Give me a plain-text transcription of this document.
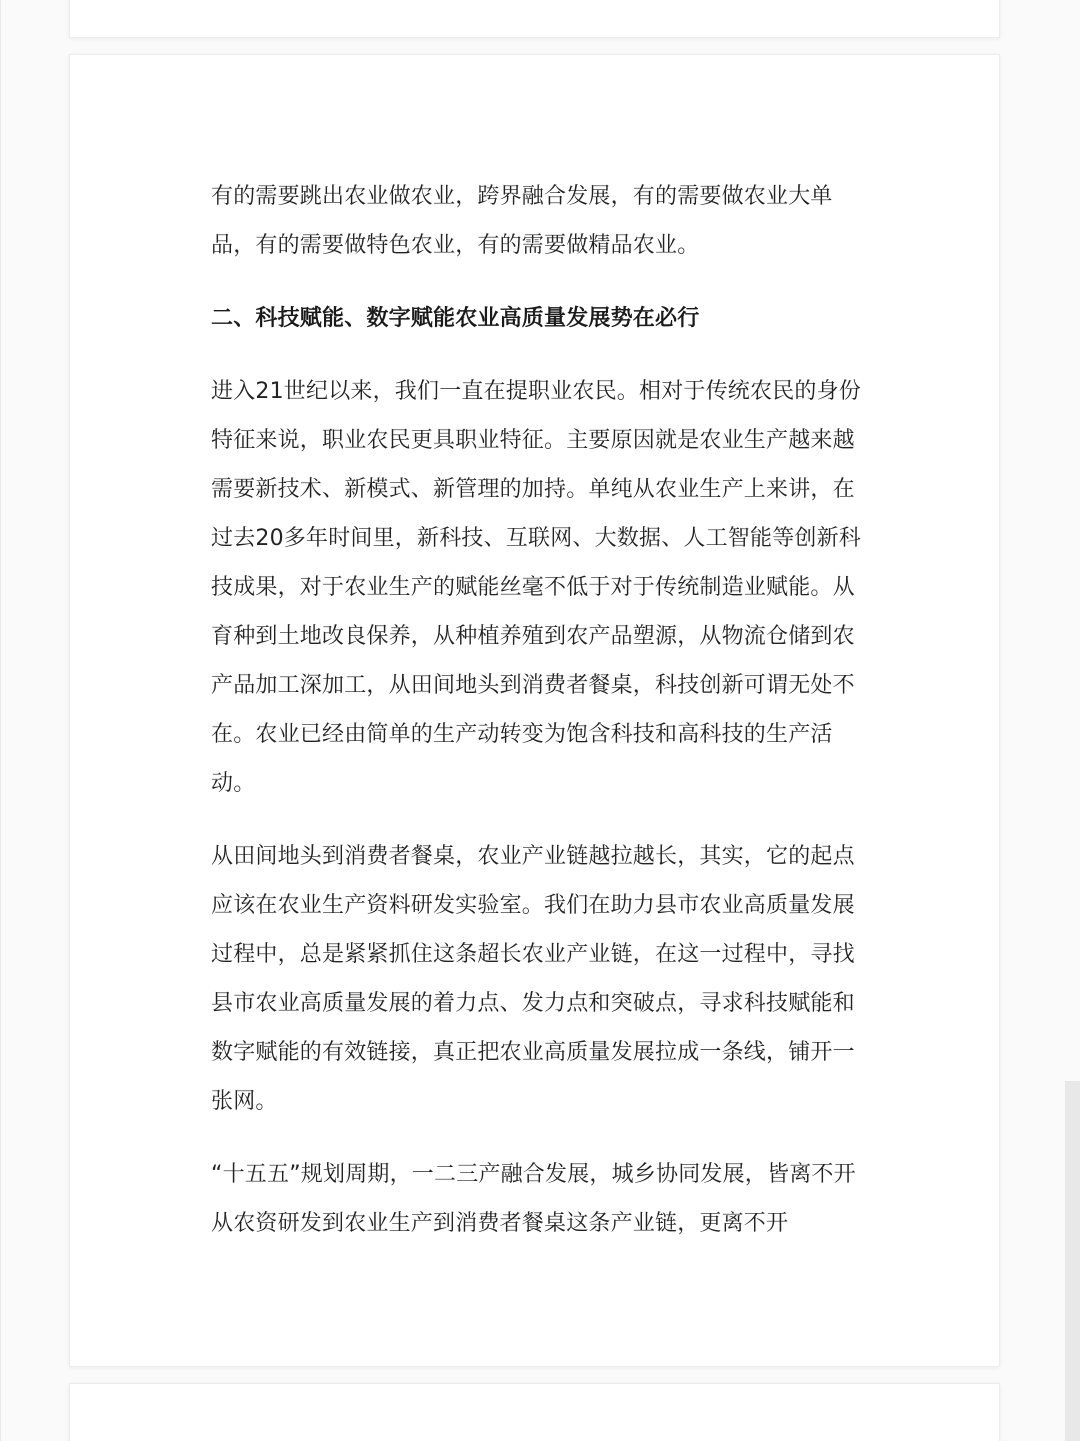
有的需要跳出农业做农业，跨界融合发展，有的需要做农业大单品，有的需要做特色农业，有的需要做精品农业。

二、科技赋能、数字赋能农业高质量发展势在必行

进入21世纪以来，我们一直在提职业农民。相对于传统农民的身份特征来说，职业农民更具职业特征。主要原因就是农业生产越来越需要新技术、新模式、新管理的加持。单纯从农业生产上来讲，在过去20多年时间里，新科技、互联网、大数据、人工智能等创新科技成果，对于农业生产的赋能丝毫不低于对于传统制造业赋能。从育种到土地改良保养，从种植养殖到农产品塑源，从物流仓储到农产品加工深加工，从田间地头到消费者餐桌，科技创新可谓无处不在。农业已经由简单的生产动转变为饱含科技和高科技的生产活动。

从田间地头到消费者餐桌，农业产业链越拉越长，其实，它的起点应该在农业生产资料研发实验室。我们在助力县市农业高质量发展过程中，总是紧紧抓住这条超长农业产业链，在这一过程中，寻找县市农业高质量发展的着力点、发力点和突破点，寻求科技赋能和数字赋能的有效链接，真正把农业高质量发展拉成一条线，铺开一张网。

“十五五”规划周期，一二三产融合发展，城乡协同发展，皆离不开从农资研发到农业生产到消费者餐桌这条产业链，更离不开
